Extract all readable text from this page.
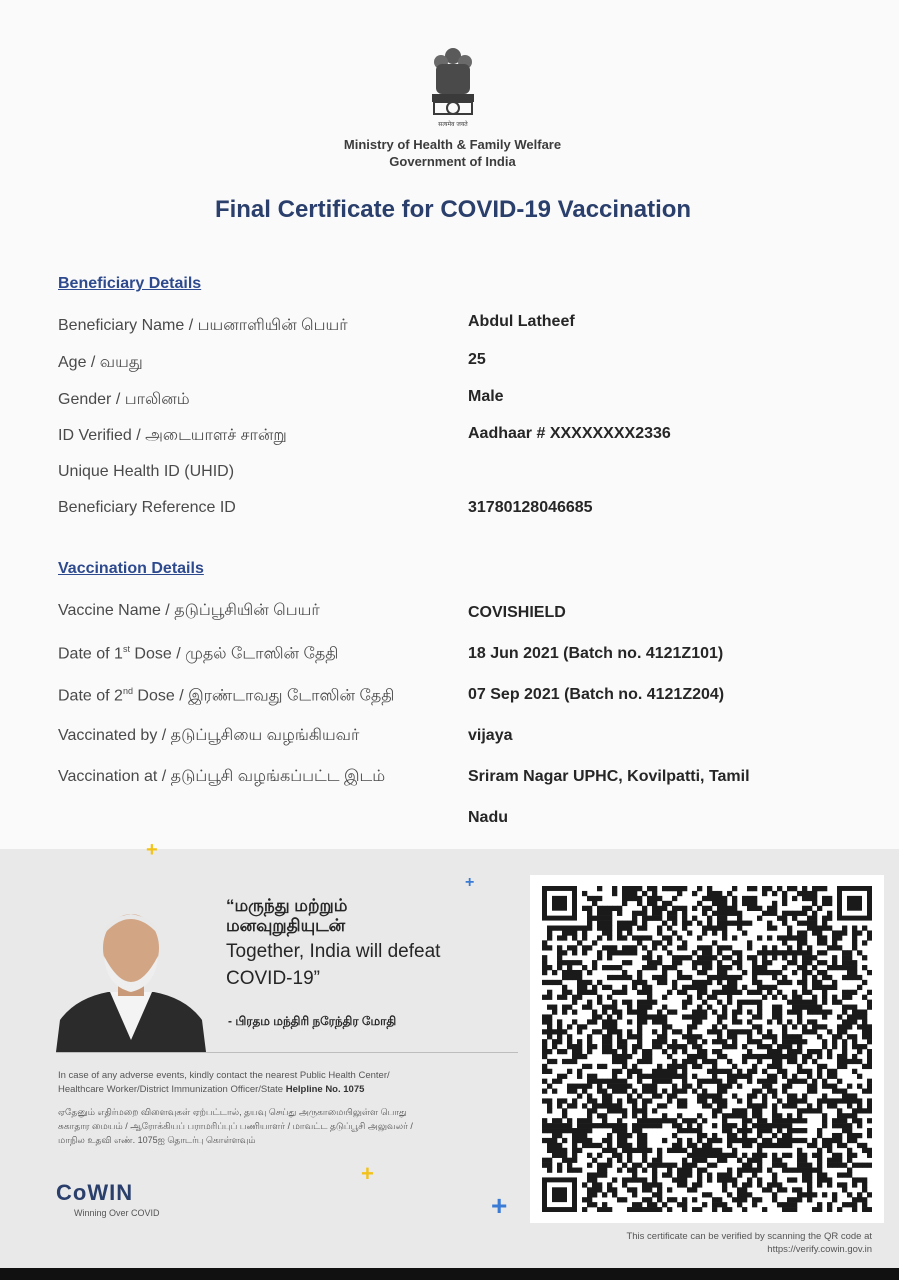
सत्यमेव जयते
Ministry of Health & Family Welfare
Government of India
Final Certificate for COVID-19 Vaccination
Beneficiary Details
Beneficiary Name / பயனாளியின் பெயர்	Abdul Latheef
Age / வயது	25
Gender / பாலினம்	Male
ID Verified / அடையாளச் சான்று	Aadhaar # XXXXXXXX2336
Unique Health ID (UHID)
Beneficiary Reference ID	31780128046685
Vaccination Details
Vaccine Name / தடுப்பூசியின் பெயர்	COVISHIELD
Date of 1st Dose / முதல் டோஸின் தேதி	18 Jun 2021 (Batch no. 4121Z101)
Date of 2nd Dose / இரண்டாவது டோஸின் தேதி	07 Sep 2021 (Batch no. 4121Z204)
Vaccinated by / தடுப்பூசியை வழங்கியவர்	vijaya
Vaccination at / தடுப்பூசி வழங்கப்பட்ட இடம்	Sriram Nagar UPHC, Kovilpatti, Tamil
Nadu
+
+
+
+
“மருந்து மற்றும்
மனவுறுதியுடன்
Together, India will defeat
COVID-19”
- பிரதம மந்திரி நரேந்திர மோதி
In case of any adverse events, kindly contact the nearest Public Health Center/
Healthcare Worker/District Immunization Officer/State Helpline No. 1075
ஏதேனும் எதிர்மறை விளைவுகள் ஏற்பட்டால், தயவு செய்து அருகாமையிலுள்ள பொது
சுகாதார மையம் / ஆரோக்கியப் பராமரிப்புப் பணியாளர் / மாவட்ட தடுப்பூசி அலுவலர் /
மாநில உதவி எண். 1075ஐ தொடர்பு கொள்ளவும்
CoWIN
Winning Over COVID
This certificate can be verified by scanning the QR code at
https://verify.cowin.gov.in
